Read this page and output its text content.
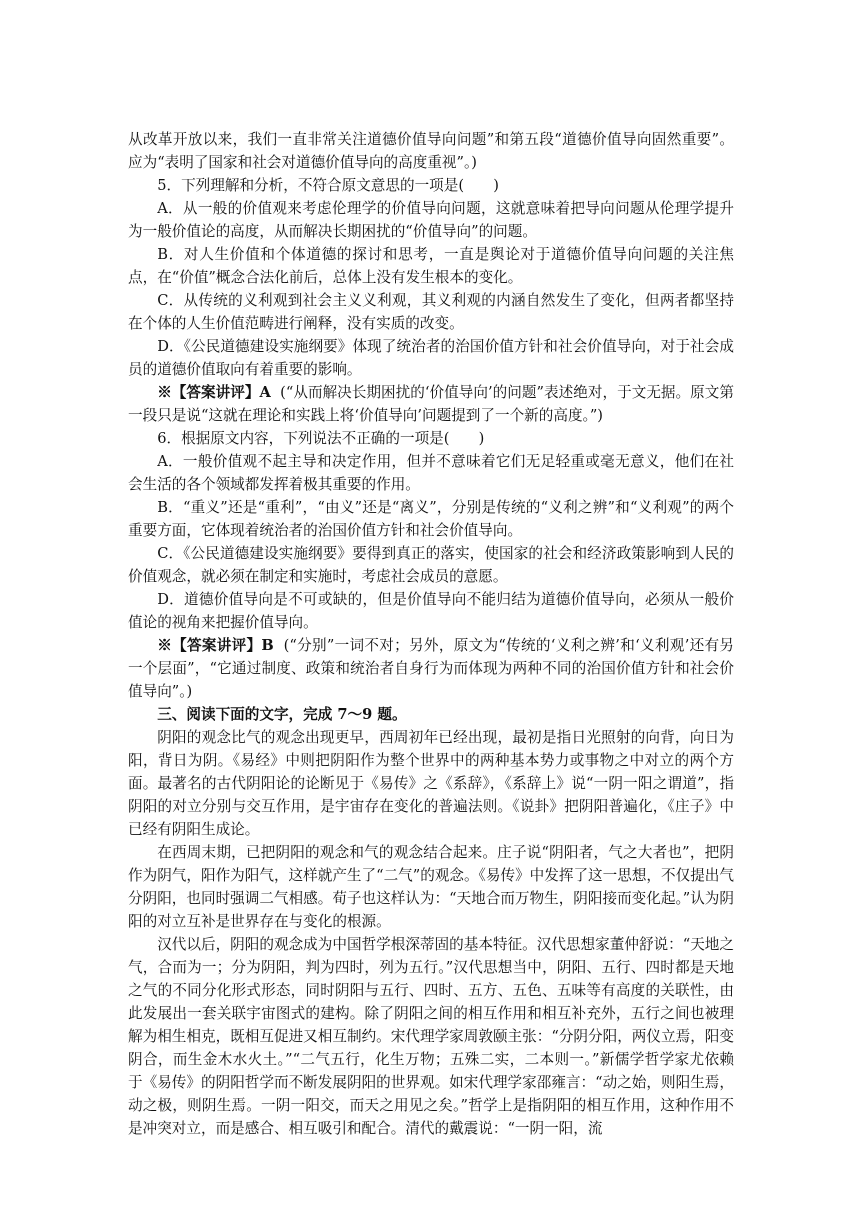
从改革开放以来，我们一直非常关注道德价值导向问题”和第五段“道德价值导向固然重要”。应为“表明了国家和社会对道德价值导向的高度重视”。)

5．下列理解和分析，不符合原文意思的一项是(　　)

A．从一般的价值观来考虑伦理学的价值导向问题，这就意味着把导向问题从伦理学提升为一般价值论的高度，从而解决长期困扰的“价值导向”的问题。

B．对人生价值和个体道德的探讨和思考，一直是舆论对于道德价值导向问题的关注焦点，在“价值”概念合法化前后，总体上没有发生根本的变化。

C．从传统的义利观到社会主义义利观，其义利观的内涵自然发生了变化，但两者都坚持在个体的人生价值范畴进行阐释，没有实质的改变。

D．《公民道德建设实施纲要》体现了统治者的治国价值方针和社会价值导向，对于社会成员的道德价值取向有着重要的影响。

※【答案讲评】A (“从而解决长期困扰的‘价值导向’的问题”表述绝对，于文无据。原文第一段只是说“这就在理论和实践上将‘价值导向’问题提到了一个新的高度。”)

6．根据原文内容，下列说法不正确的一项是(　　)

A．一般价值观不起主导和决定作用，但并不意味着它们无足轻重或毫无意义，他们在社会生活的各个领域都发挥着极其重要的作用。

B．“重义”还是“重利”，“由义”还是“离义”，分别是传统的“义利之辨”和“义利观”的两个重要方面，它体现着统治者的治国价值方针和社会价值导向。

C．《公民道德建设实施纲要》要得到真正的落实，使国家的社会和经济政策影响到人民的价值观念，就必须在制定和实施时，考虑社会成员的意愿。

D．道德价值导向是不可或缺的，但是价值导向不能归结为道德价值导向，必须从一般价值论的视角来把握价值导向。

※【答案讲评】B (“分别”一词不对；另外，原文为“传统的‘义利之辨’和‘义利观’还有另一个层面”，“它通过制度、政策和统治者自身行为而体现为两种不同的治国价值方针和社会价值导向”。)

三、阅读下面的文字，完成 7～9 题。

阴阳的观念比气的观念出现更早，西周初年已经出现，最初是指日光照射的向背，向日为阳，背日为阴。《易经》中则把阴阳作为整个世界中的两种基本势力或事物之中对立的两个方面。最著名的古代阴阳论的论断见于《易传》之《系辞》，《系辞上》说“一阴一阳之谓道”，指阴阳的对立分别与交互作用，是宇宙存在变化的普遍法则。《说卦》把阴阳普遍化，《庄子》中已经有阴阳生成论。

在西周末期，已把阴阳的观念和气的观念结合起来。庄子说“阴阳者，气之大者也”，把阴作为阴气，阳作为阳气，这样就产生了“二气”的观念。《易传》中发挥了这一思想，不仅提出气分阴阳，也同时强调二气相感。荀子也这样认为：“天地合而万物生，阴阳接而变化起。”认为阴阳的对立互补是世界存在与变化的根源。

汉代以后，阴阳的观念成为中国哲学根深蒂固的基本特征。汉代思想家董仲舒说：“天地之气，合而为一；分为阴阳，判为四时，列为五行。”汉代思想当中，阴阳、五行、四时都是天地之气的不同分化形式形态，同时阴阳与五行、四时、五方、五色、五味等有高度的关联性，由此发展出一套关联宇宙图式的建构。除了阴阳之间的相互作用和相互补充外，五行之间也被理解为相生相克，既相互促进又相互制约。宋代理学家周敦颐主张：“分阴分阳，两仪立焉，阳变阴合，而生金木水火土。”“二气五行，化生万物；五殊二实，二本则一。”新儒学哲学家尤依赖于《易传》的阴阳哲学而不断发展阴阳的世界观。如宋代理学家邵雍言：“动之始，则阳生焉，动之极，则阴生焉。一阴一阳交，而天之用见之矣。”哲学上是指阴阳的相互作用，这种作用不是冲突对立，而是感合、相互吸引和配合。清代的戴震说：“一阴一阳，流
